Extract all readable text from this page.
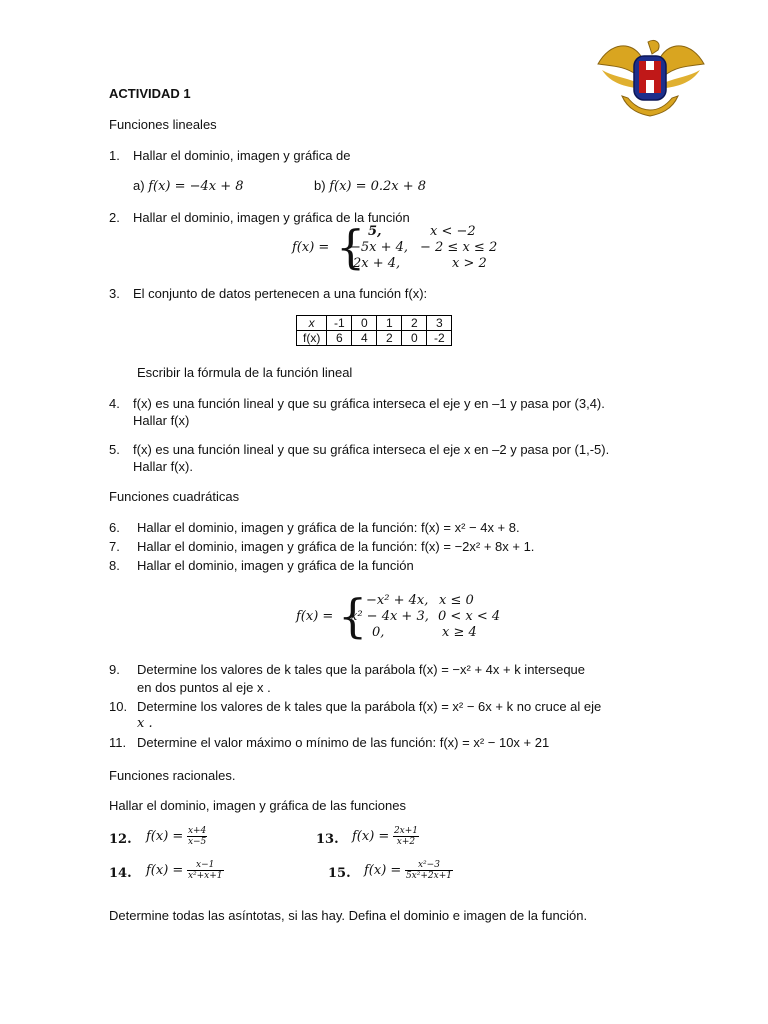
ACTIVIDAD 1
Funciones lineales
1. Hallar el dominio, imagen y gráfica de
a) f(x) = −4x + 8	b) f(x) = 0.2x + 8
2. Hallar el dominio, imagen y gráfica de la función
f(x) = { 5,	x < −2
−5x + 4, − 2 ≤ x ≤ 2
2x + 4,	x > 2
3. El conjunto de datos pertenecen a una función f(x):
x	-1	0	1	2	3
f(x)	6	4	2	0	-2
Escribir la fórmula de la función lineal
4. f(x) es una función lineal y que su gráfica interseca el eje y en –1 y pasa por (3,4).
Hallar f(x)
5. f(x) es una función lineal y que su gráfica interseca el eje x en –2 y pasa por (1,-5).
Hallar f(x).
Funciones cuadráticas
6. Hallar el dominio, imagen y gráfica de la función: f(x) = x² − 4x + 8.
7. Hallar el dominio, imagen y gráfica de la función: f(x) = −2x² + 8x + 1.
8. Hallar el dominio, imagen y gráfica de la función
f(x) = {
−x² + 4x, x ≤ 0
x² − 4x + 3, 0 < x < 4
0,	x ≥ 4
9. Determine los valores de k tales que la parábola f(x) = −x² + 4x + k interseque
en dos puntos al eje x .
10. Determine los valores de k tales que la parábola f(x) = x² − 6x + k no cruce al eje
x .
11. Determine el valor máximo o mínimo de las función: f(x) = x² − 10x + 21
Funciones racionales.
Hallar el dominio, imagen y gráfica de las funciones
12. $f(x) = \frac{x+4}{x-5}$	13. $f(x) = \frac{2x+1}{x+2}$
14. $f(x) = \frac{x-1}{\text{x²+x+1}}$	15. $f(x) = \frac{\text{x²−3}}{\text{5x²+2x+1}}$
Determine todas las asíntotas, si las hay. Defina el dominio e imagen de la función.
